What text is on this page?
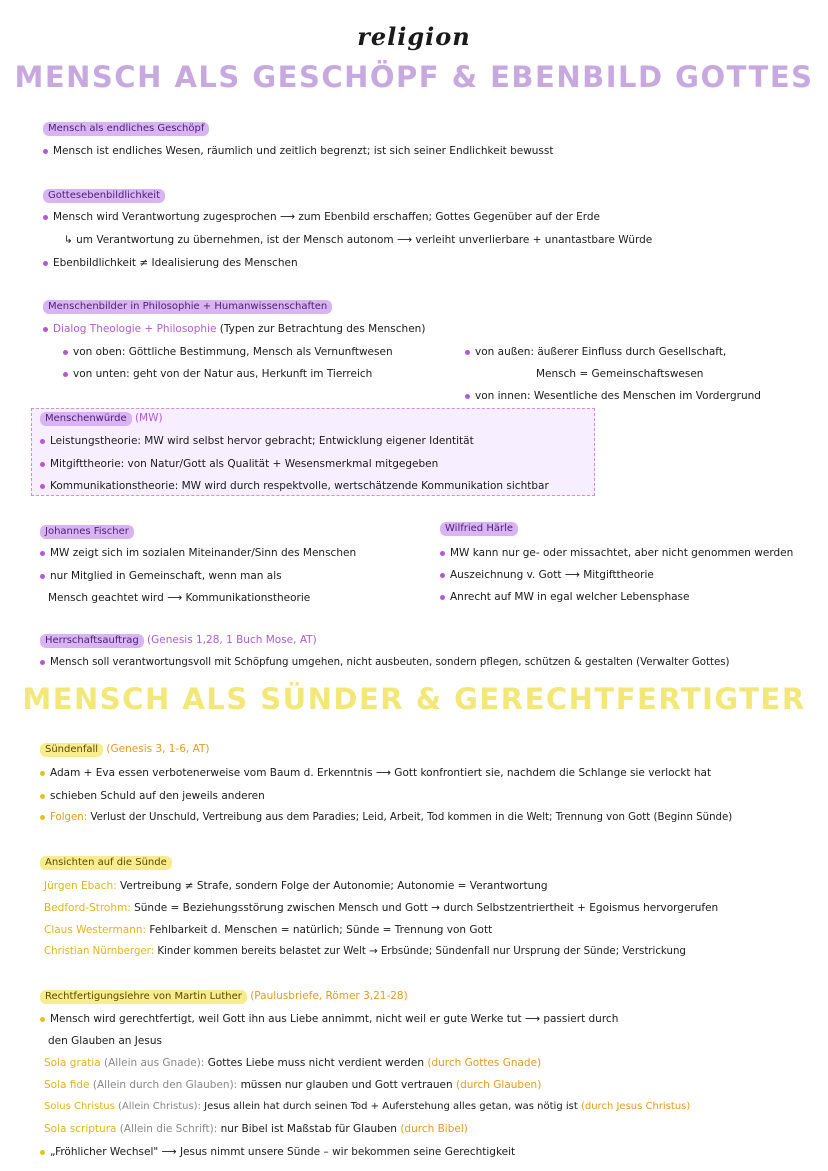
religion
MENSCH ALS GESCHÖPF & EBENBILD GOTTES
Mensch als endliches Geschöpf
Mensch ist endliches Wesen, räumlich und zeitlich begrenzt; ist sich seiner Endlichkeit bewusst
Gottesebenbildlichkeit
Mensch wird Verantwortung zugesprochen ⟶ zum Ebenbild erschaffen; Gottes Gegenüber auf der Erde
↳ um Verantwortung zu übernehmen, ist der Mensch autonom ⟶ verleiht unverlierbare + unantastbare Würde
Ebenbildlichkeit ≠ Idealisierung des Menschen
Menschenbilder in Philosophie + Humanwissenschaften
Dialog Theologie + Philosophie (Typen zur Betrachtung des Menschen)
von oben: Göttliche Bestimmung, Mensch als Vernunftwesen
von unten: geht von der Natur aus, Herkunft im Tierreich
von außen: äußerer Einfluss durch Gesellschaft,
Mensch = Gemeinschaftswesen
von innen: Wesentliche des Menschen im Vordergrund
Menschenwürde (MW)
Leistungstheorie: MW wird selbst hervor gebracht; Entwicklung eigener Identität
Mitgifttheorie: von Natur/Gott als Qualität + Wesensmerkmal mitgegeben
Kommunikationstheorie: MW wird durch respektvolle, wertschätzende Kommunikation sichtbar
Johannes Fischer
MW zeigt sich im sozialen Miteinander/Sinn des Menschen
nur Mitglied in Gemeinschaft, wenn man als
Mensch geachtet wird ⟶ Kommunikationstheorie
Wilfried Härle
MW kann nur ge- oder missachtet, aber nicht genommen werden
Auszeichnung v. Gott ⟶ Mitgifttheorie
Anrecht auf MW in egal welcher Lebensphase
Herrschaftsauftrag (Genesis 1,28, 1 Buch Mose, AT)
Mensch soll verantwortungsvoll mit Schöpfung umgehen, nicht ausbeuten, sondern pflegen, schützen & gestalten (Verwalter Gottes)
MENSCH ALS SÜNDER & GERECHTFERTIGTER
Sündenfall (Genesis 3, 1-6, AT)
Adam + Eva essen verbotenerweise vom Baum d. Erkenntnis ⟶ Gott konfrontiert sie, nachdem die Schlange sie verlockt hat
schieben Schuld auf den jeweils anderen
Folgen: Verlust der Unschuld, Vertreibung aus dem Paradies; Leid, Arbeit, Tod kommen in die Welt; Trennung von Gott (Beginn Sünde)
Ansichten auf die Sünde
Jürgen Ebach: Vertreibung ≠ Strafe, sondern Folge der Autonomie; Autonomie = Verantwortung
Bedford-Strohm: Sünde = Beziehungsstörung zwischen Mensch und Gott → durch Selbstzentriertheit + Egoismus hervorgerufen
Claus Westermann: Fehlbarkeit d. Menschen = natürlich; Sünde = Trennung von Gott
Christian Nürnberger: Kinder kommen bereits belastet zur Welt → Erbsünde; Sündenfall nur Ursprung der Sünde; Verstrickung
Rechtfertigungslehre von Martin Luther (Paulusbriefe, Römer 3,21-28)
Mensch wird gerechtfertigt, weil Gott ihn aus Liebe annimmt, nicht weil er gute Werke tut ⟶ passiert durch
den Glauben an Jesus
Sola gratia (Allein aus Gnade): Gottes Liebe muss nicht verdient werden (durch Gottes Gnade)
Sola fide (Allein durch den Glauben): müssen nur glauben und Gott vertrauen (durch Glauben)
Solus Christus (Allein Christus): Jesus allein hat durch seinen Tod + Auferstehung alles getan, was nötig ist (durch Jesus Christus)
Sola scriptura (Allein die Schrift): nur Bibel ist Maßstab für Glauben (durch Bibel)
„Fröhlicher Wechsel" ⟶ Jesus nimmt unsere Sünde – wir bekommen seine Gerechtigkeit
